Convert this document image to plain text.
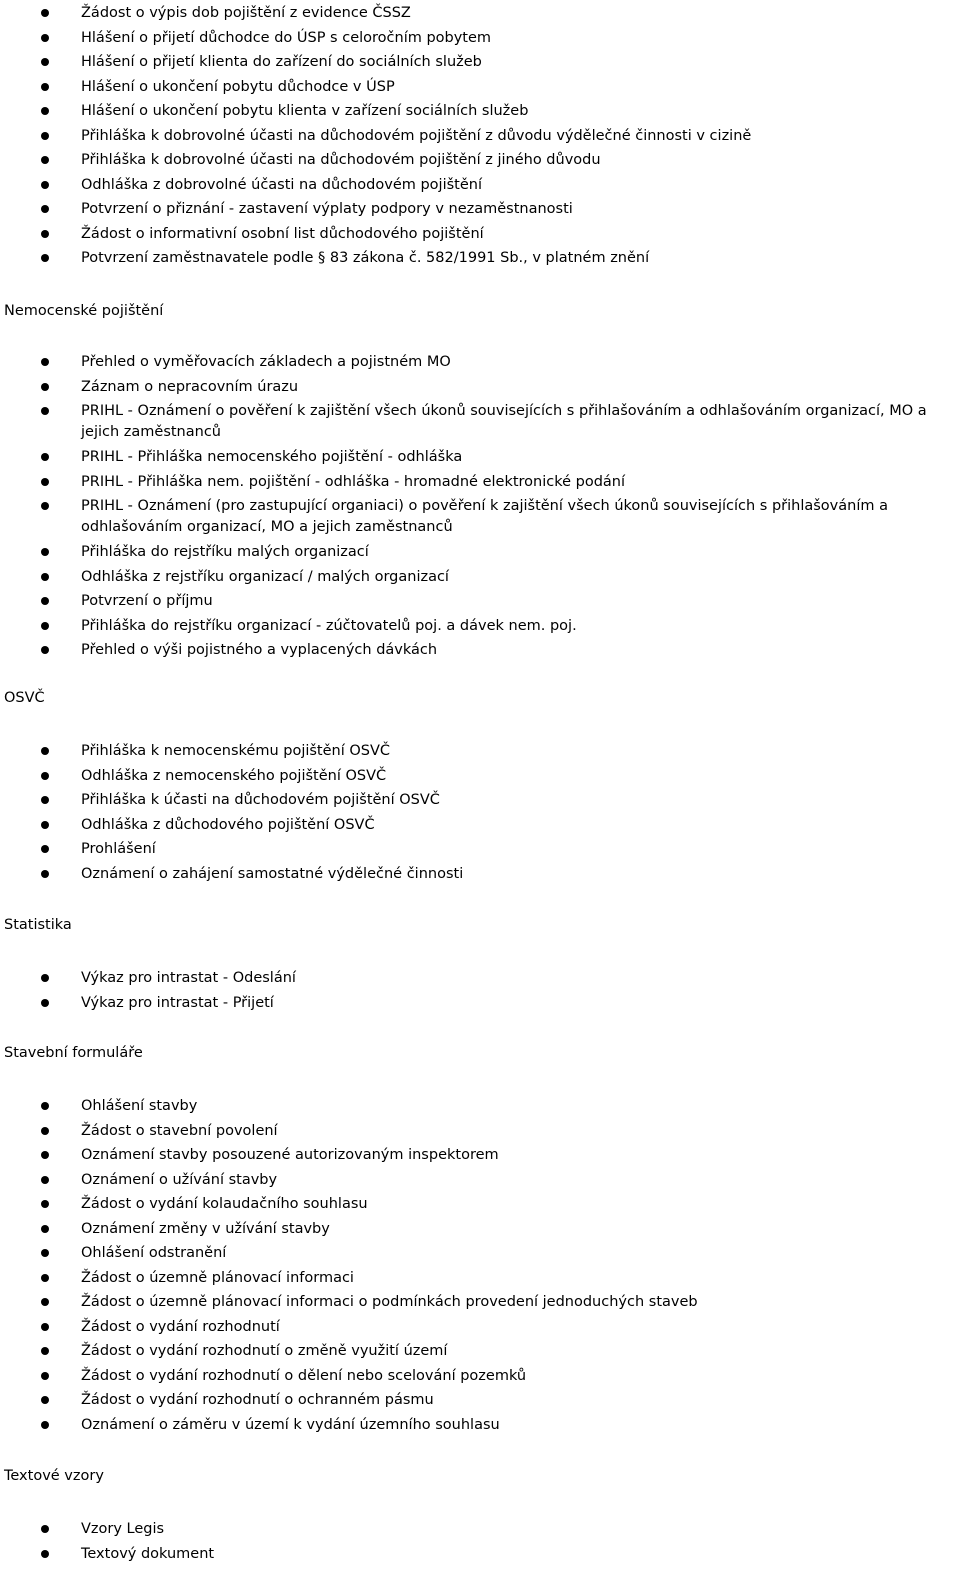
Žádost o výpis dob pojištění z evidence ČSSZ
Hlášení o přijetí důchodce do ÚSP s celoročním pobytem
Hlášení o přijetí klienta do zařízení do sociálních služeb
Hlášení o ukončení pobytu důchodce v ÚSP
Hlášení o ukončení pobytu klienta v zařízení sociálních služeb
Přihláška k dobrovolné účasti na důchodovém pojištění z důvodu výdělečné činnosti v cizině
Přihláška k dobrovolné účasti na důchodovém pojištění z jiného důvodu
Odhláška z dobrovolné účasti na důchodovém pojištění
Potvrzení o přiznání - zastavení výplaty podpory v nezaměstnanosti
Žádost o informativní osobní list důchodového pojištění
Potvrzení zaměstnavatele podle § 83 zákona č. 582/1991 Sb., v platném znění
Nemocenské pojištění
Přehled o vyměřovacích základech a pojistném MO
Záznam o nepracovním úrazu
PRIHL - Oznámení o pověření k zajištění všech úkonů souvisejících s přihlašováním a odhlašováním organizací, MO a jejich zaměstnanců
PRIHL - Přihláška nemocenského pojištění - odhláška
PRIHL - Přihláška nem. pojištění - odhláška - hromadné elektronické podání
PRIHL - Oznámení (pro zastupující organiaci) o pověření k zajištění všech úkonů souvisejících s přihlašováním a odhlašováním organizací, MO a jejich zaměstnanců
Přihláška do rejstříku malých organizací
Odhláška z rejstříku organizací / malých organizací
Potvrzení o příjmu
Přihláška do rejstříku organizací - zúčtovatelů poj. a dávek nem. poj.
Přehled o výši pojistného a vyplacených dávkách
OSVČ
Přihláška k nemocenskému pojištění OSVČ
Odhláška z nemocenského pojištění OSVČ
Přihláška k účasti na důchodovém pojištění OSVČ
Odhláška z důchodového pojištění OSVČ
Prohlášení
Oznámení o zahájení samostatné výdělečné činnosti
Statistika
Výkaz pro intrastat - Odeslání
Výkaz pro intrastat - Přijetí
Stavební formuláře
Ohlášení stavby
Žádost o stavební povolení
Oznámení stavby posouzené autorizovaným inspektorem
Oznámení o užívání stavby
Žádost o vydání kolaudačního souhlasu
Oznámení změny v užívání stavby
Ohlášení odstranění
Žádost o územně plánovací informaci
Žádost o územně plánovací informaci o podmínkách provedení jednoduchých staveb
Žádost o vydání rozhodnutí
Žádost o vydání rozhodnutí o změně využití území
Žádost o vydání rozhodnutí o dělení nebo scelování pozemků
Žádost o vydání rozhodnutí o ochranném pásmu
Oznámení o záměru v území k vydání územního souhlasu
Textové vzory
Vzory Legis
Textový dokument
